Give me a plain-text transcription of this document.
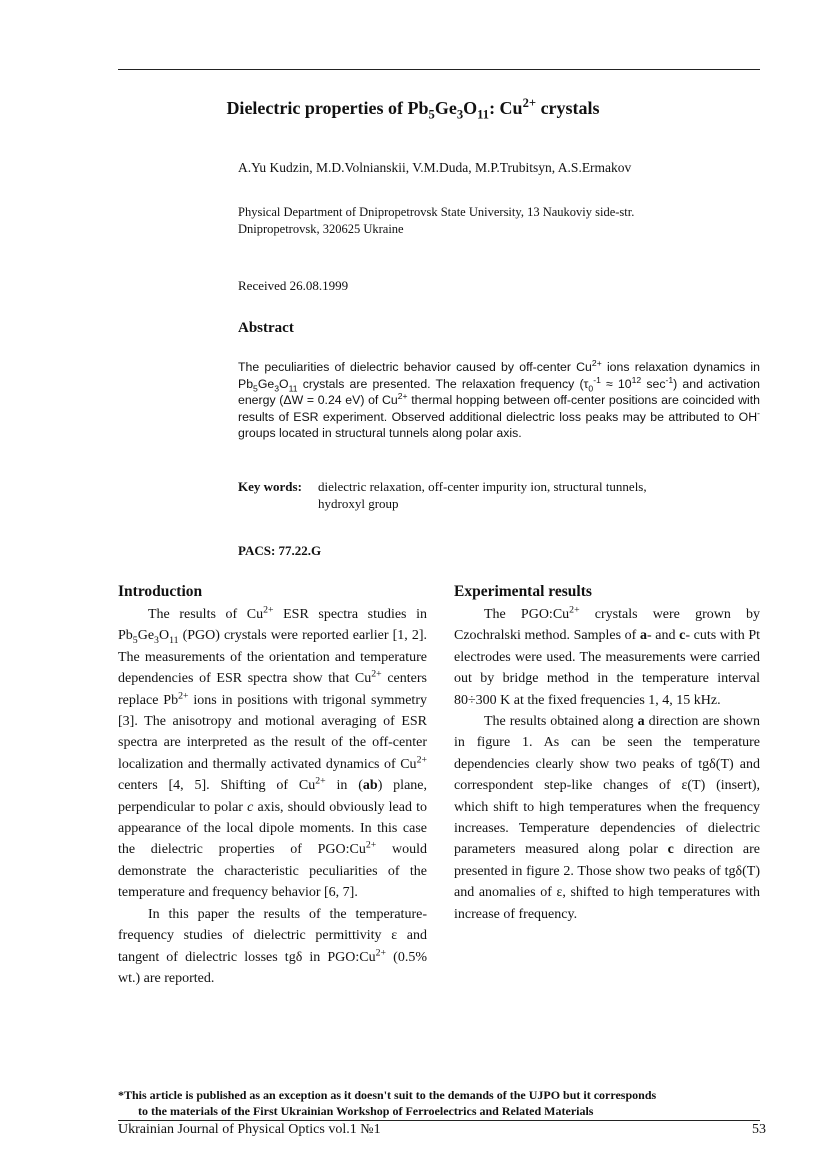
Dielectric properties of $Pb_5Ge_3O_{11}$: $Cu^{2+}$ crystals
A.Yu Kudzin, M.D.Volnianskii, V.M.Duda, M.P.Trubitsyn, A.S.Ermakov
Physical Department of Dnipropetrovsk State University, 13 Naukoviy side-str.
Dnipropetrovsk, 320625 Ukraine
Received 26.08.1999
Abstract
The peculiarities of dielectric behavior caused by off-center $Cu^{2+}$ ions relaxation dynamics in $Pb_5Ge_3O_{11}$ crystals are presented. The relaxation frequency ($\tau_0^{-1} \approx 10^{12}$ $\sec^{-1}$) and activation energy (ΔW = 0.24 eV) of $Cu^{2+}$ thermal hopping between off-center positions are coincided with results of ESR experiment. Observed additional dielectric loss peaks may be attributed to OH- groups located in structural tunnels along polar axis.
Key words: dielectric relaxation, off-center impurity ion, structural tunnels,
hydroxyl group
PACS: 77.22.G
Introduction

The results of $Cu^{2+}$ ESR spectra studies in $Pb_5Ge_3O_{11}$ (PGO) crystals were reported earlier [1, 2]. The measurements of the orientation and temperature dependencies of ESR spectra show that $Cu^{2+}$ centers replace $Pb^{2+}$ ions in positions with trigonal symmetry [3]. The anisotropy and motional averaging of ESR spectra are interpreted as the result of the off-center localization and thermally activated dynamics of $Cu^{2+}$ centers [4, 5]. Shifting of $Cu^{2+}$ in (ab) plane, perpendicular to polar c axis, should obviously lead to appearance of the local dipole moments. In this case the dielectric properties of $PGO:Cu^{2+}$ would demonstrate the characteristic peculiarities of the temperature and frequency behavior [6, 7].

In this paper the results of the temperature-frequency studies of dielectric permittivity ε and tangent of dielectric losses tgδ in $PGO:Cu^{2+}$ (0.5% wt.) are reported.

Experimental results

The $PGO:Cu^{2+}$ crystals were grown by Czochralski method. Samples of a- and c- cuts with Pt electrodes were used. The measurements were carried out by bridge method in the temperature interval 80÷300 K at the fixed frequencies 1, 4, 15 kHz.

The results obtained along a direction are shown in figure 1. As can be seen the temperature dependencies clearly show two peaks of tgδ(T) and correspondent step-like changes of ε(T) (insert), which shift to high temperatures when the frequency increases. Temperature dependencies of dielectric parameters measured along polar c direction are presented in figure 2. Those show two peaks of tgδ(T) and anomalies of ε, shifted to high temperatures with increase of frequency.

*This article is published as an exception as it doesn't suit to the demands of the UJPO but it corresponds
to the materials of the First Ukrainian Workshop of Ferroelectrics and Related Materials
Ukrainian Journal of Physical Optics vol.1 №1	53
